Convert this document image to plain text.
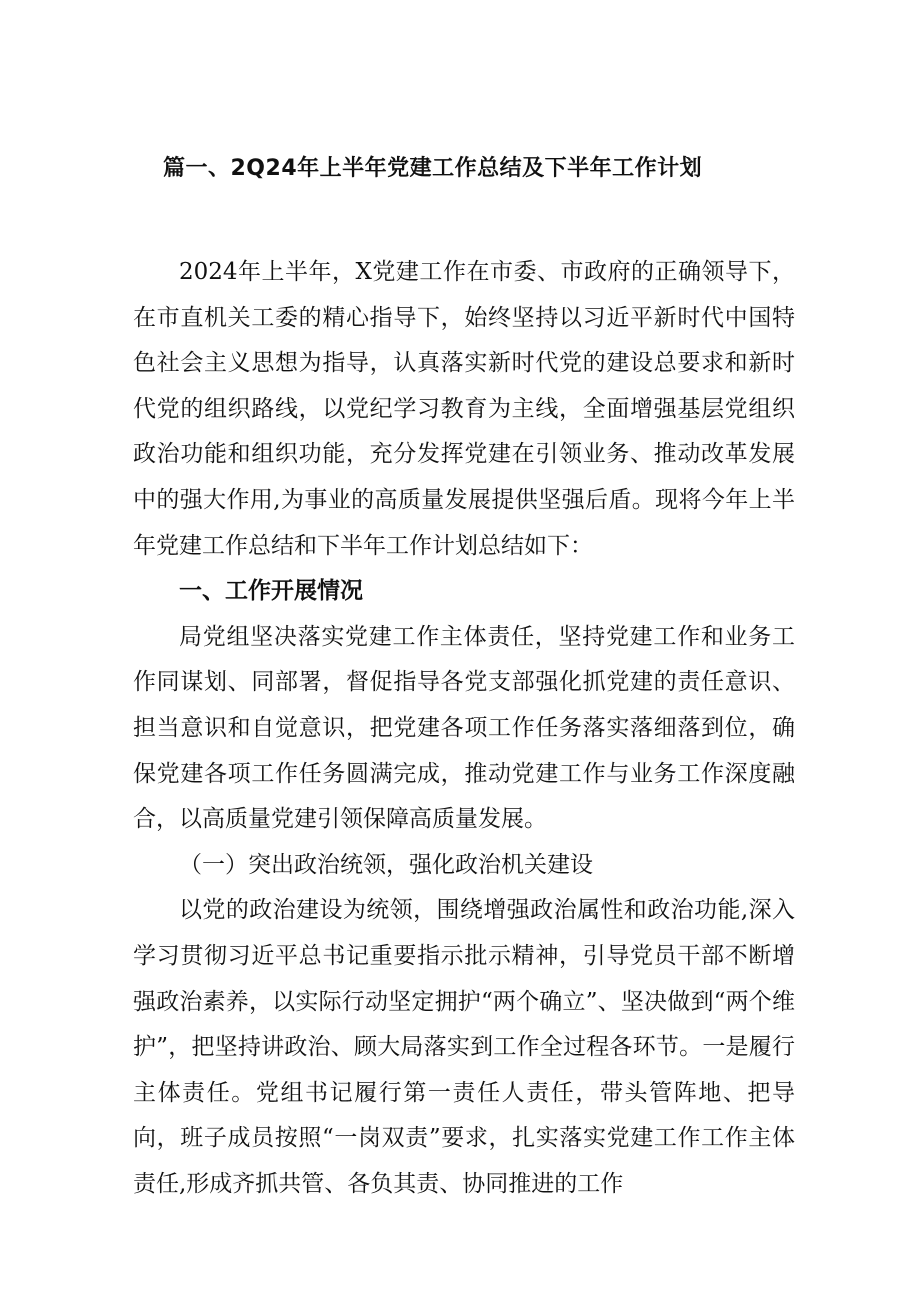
篇一、2Q24年上半年党建工作总结及下半年工作计划

2024年上半年，X党建工作在市委、市政府的正确领导下，在市直机关工委的精心指导下，始终坚持以习近平新时代中国特色社会主义思想为指导，认真落实新时代党的建设总要求和新时代党的组织路线，以党纪学习教育为主线，全面增强基层党组织政治功能和组织功能，充分发挥党建在引领业务、推动改革发展中的强大作用,为事业的高质量发展提供坚强后盾。现将今年上半年党建工作总结和下半年工作计划总结如下：

一、工作开展情况

局党组坚决落实党建工作主体责任，坚持党建工作和业务工作同谋划、同部署，督促指导各党支部强化抓党建的责任意识、担当意识和自觉意识，把党建各项工作任务落实落细落到位，确保党建各项工作任务圆满完成，推动党建工作与业务工作深度融合，以高质量党建引领保障高质量发展。

（一）突出政治统领，强化政治机关建设

以党的政治建设为统领，围绕增强政治属性和政治功能,深入学习贯彻习近平总书记重要指示批示精神，引导党员干部不断增强政治素养，以实际行动坚定拥护“两个确立”、坚决做到“两个维护”，把坚持讲政治、顾大局落实到工作全过程各环节。一是履行主体责任。党组书记履行第一责任人责任，带头管阵地、把导向，班子成员按照“一岗双责”要求，扎实落实党建工作工作主体责任,形成齐抓共管、各负其责、协同推进的工作
